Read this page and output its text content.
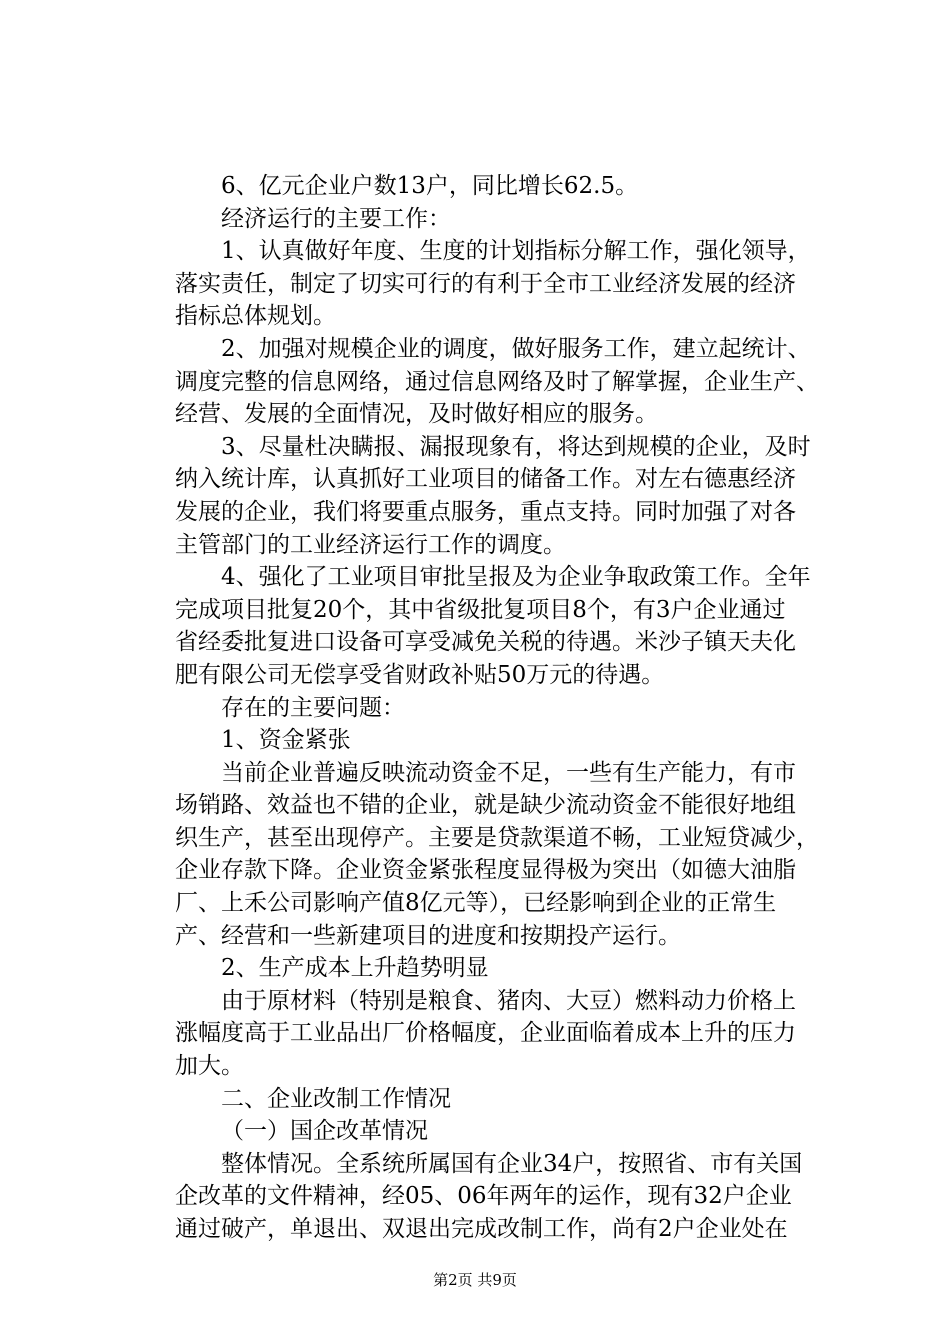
6、亿元企业户数13户，同比增长62.5。
经济运行的主要工作：
1、认真做好年度、生度的计划指标分解工作，强化领导，
落实责任，制定了切实可行的有利于全市工业经济发展的经济
指标总体规划。
2、加强对规模企业的调度，做好服务工作，建立起统计、
调度完整的信息网络，通过信息网络及时了解掌握，企业生产、
经营、发展的全面情况，及时做好相应的服务。
3、尽量杜决瞒报、漏报现象有，将达到规模的企业，及时
纳入统计库，认真抓好工业项目的储备工作。对左右德惠经济
发展的企业，我们将要重点服务，重点支持。同时加强了对各
主管部门的工业经济运行工作的调度。
4、强化了工业项目审批呈报及为企业争取政策工作。全年
完成项目批复20个，其中省级批复项目8个，有3户企业通过
省经委批复进口设备可享受减免关税的待遇。米沙子镇天夫化
肥有限公司无偿享受省财政补贴50万元的待遇。
存在的主要问题：
1、资金紧张
当前企业普遍反映流动资金不足，一些有生产能力，有市
场销路、效益也不错的企业，就是缺少流动资金不能很好地组
织生产，甚至出现停产。主要是贷款渠道不畅，工业短贷减少，
企业存款下降。企业资金紧张程度显得极为突出（如德大油脂
厂、上禾公司影响产值8亿元等），已经影响到企业的正常生
产、经营和一些新建项目的进度和按期投产运行。
2、生产成本上升趋势明显
由于原材料（特别是粮食、猪肉、大豆）燃料动力价格上
涨幅度高于工业品出厂价格幅度，企业面临着成本上升的压力
加大。
二、企业改制工作情况
（一）国企改革情况
整体情况。全系统所属国有企业34户，按照省、市有关国
企改革的文件精神，经05、06年两年的运作，现有32户企业
通过破产，单退出、双退出完成改制工作，尚有2户企业处在
第2页 共9页
